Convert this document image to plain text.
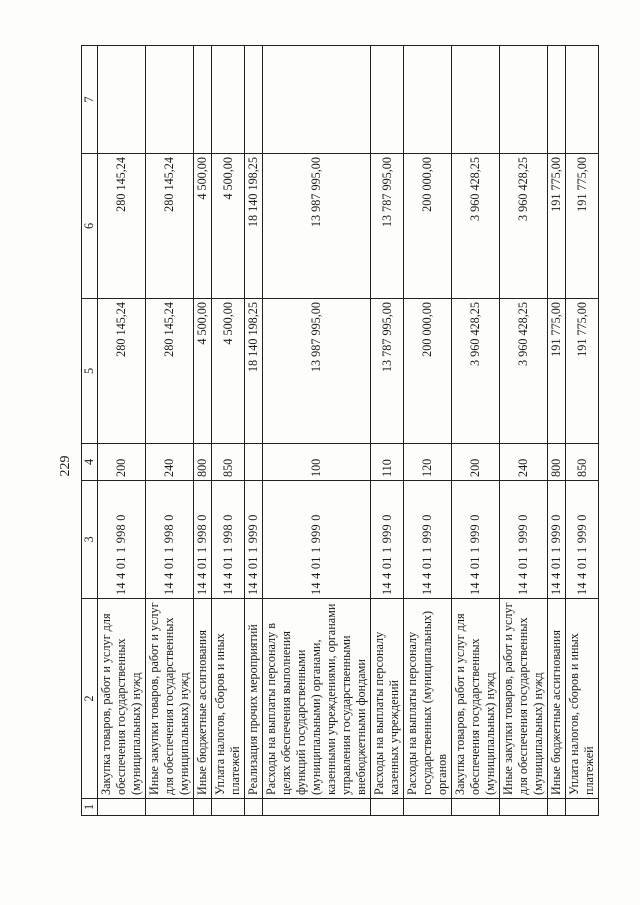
229
1	2	3	4	5	6	7
	Закупка товаров, работ и услуг для обеспечения государственных (муниципальных) нужд	14 4 01 1 998 0	200	280 145,24	280 145,24	
	Иные закупки товаров, работ и услуг для обеспечения государственных (муниципальных) нужд	14 4 01 1 998 0	240	280 145,24	280 145,24	
	Иные бюджетные ассигнования	14 4 01 1 998 0	800	4 500,00	4 500,00	
	Уплата налогов, сборов и иных платежей	14 4 01 1 998 0	850	4 500,00	4 500,00	
	Реализация прочих мероприятий	14 4 01 1 999 0		18 140 198,25	18 140 198,25	
	Расходы на выплаты персоналу в целях обеспечения выполнения функций государственными (муниципальными) органами, казенными учреждениями, органами управления государственными внебюджетными фондами	14 4 01 1 999 0	100	13 987 995,00	13 987 995,00	
	Расходы на выплаты персоналу казенных учреждений	14 4 01 1 999 0	110	13 787 995,00	13 787 995,00	
	Расходы на выплаты персоналу государственных (муниципальных) органов	14 4 01 1 999 0	120	200 000,00	200 000,00	
	Закупка товаров, работ и услуг для обеспечения государственных (муниципальных) нужд	14 4 01 1 999 0	200	3 960 428,25	3 960 428,25	
	Иные закупки товаров, работ и услуг для обеспечения государственных (муниципальных) нужд	14 4 01 1 999 0	240	3 960 428,25	3 960 428,25	
	Иные бюджетные ассигнования	14 4 01 1 999 0	800	191 775,00	191 775,00	
	Уплата налогов, сборов и иных платежей	14 4 01 1 999 0	850	191 775,00	191 775,00	
